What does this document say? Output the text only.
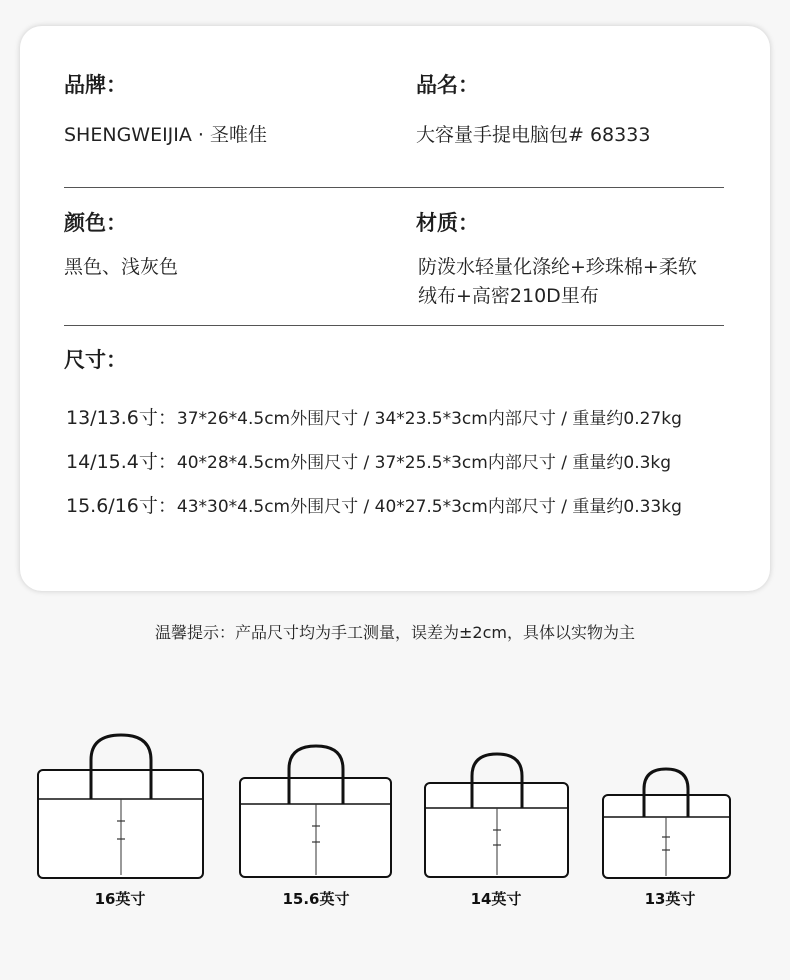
品牌：
SHENGWEIJIA · 圣唯佳
品名：
大容量手提电脑包# 68333
颜色：
黑色、浅灰色
材质：
防泼水轻量化涤纶+珍珠棉+柔软
绒布+高密210D里布
尺寸：
13/13.6寸：37*26*4.5cm外围尺寸 / 34*23.5*3cm内部尺寸 / 重量约0.27kg
14/15.4寸：40*28*4.5cm外围尺寸 / 37*25.5*3cm内部尺寸 / 重量约0.3kg
15.6/16寸：43*30*4.5cm外围尺寸 / 40*27.5*3cm内部尺寸 / 重量约0.33kg
温馨提示：产品尺寸均为手工测量，误差为±2cm，具体以实物为主
16英寸	15.6英寸	14英寸	13英寸
